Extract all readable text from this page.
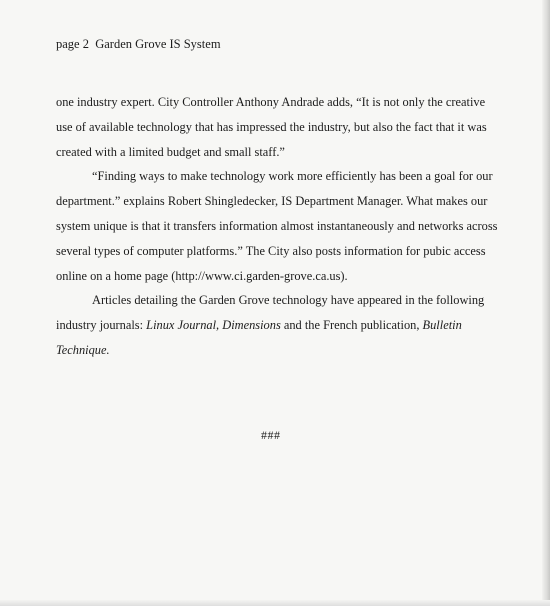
page 2  Garden Grove IS System

one industry expert. City Controller Anthony Andrade adds, “It is not only the creative
use of available technology that has impressed the industry, but also the fact that it was
created with a limited budget and small staff.”

“Finding ways to make technology work more efficiently has been a goal for our
department.” explains Robert Shingledecker, IS Department Manager. What makes our
system unique is that it transfers information almost instantaneously and networks across
several types of computer platforms.” The City also posts information for pubic access
online on a home page (http://www.ci.garden-grove.ca.us).

Articles detailing the Garden Grove technology have appeared in the following
industry journals: Linux Journal, Dimensions and the French publication, Bulletin
Technique.

###
